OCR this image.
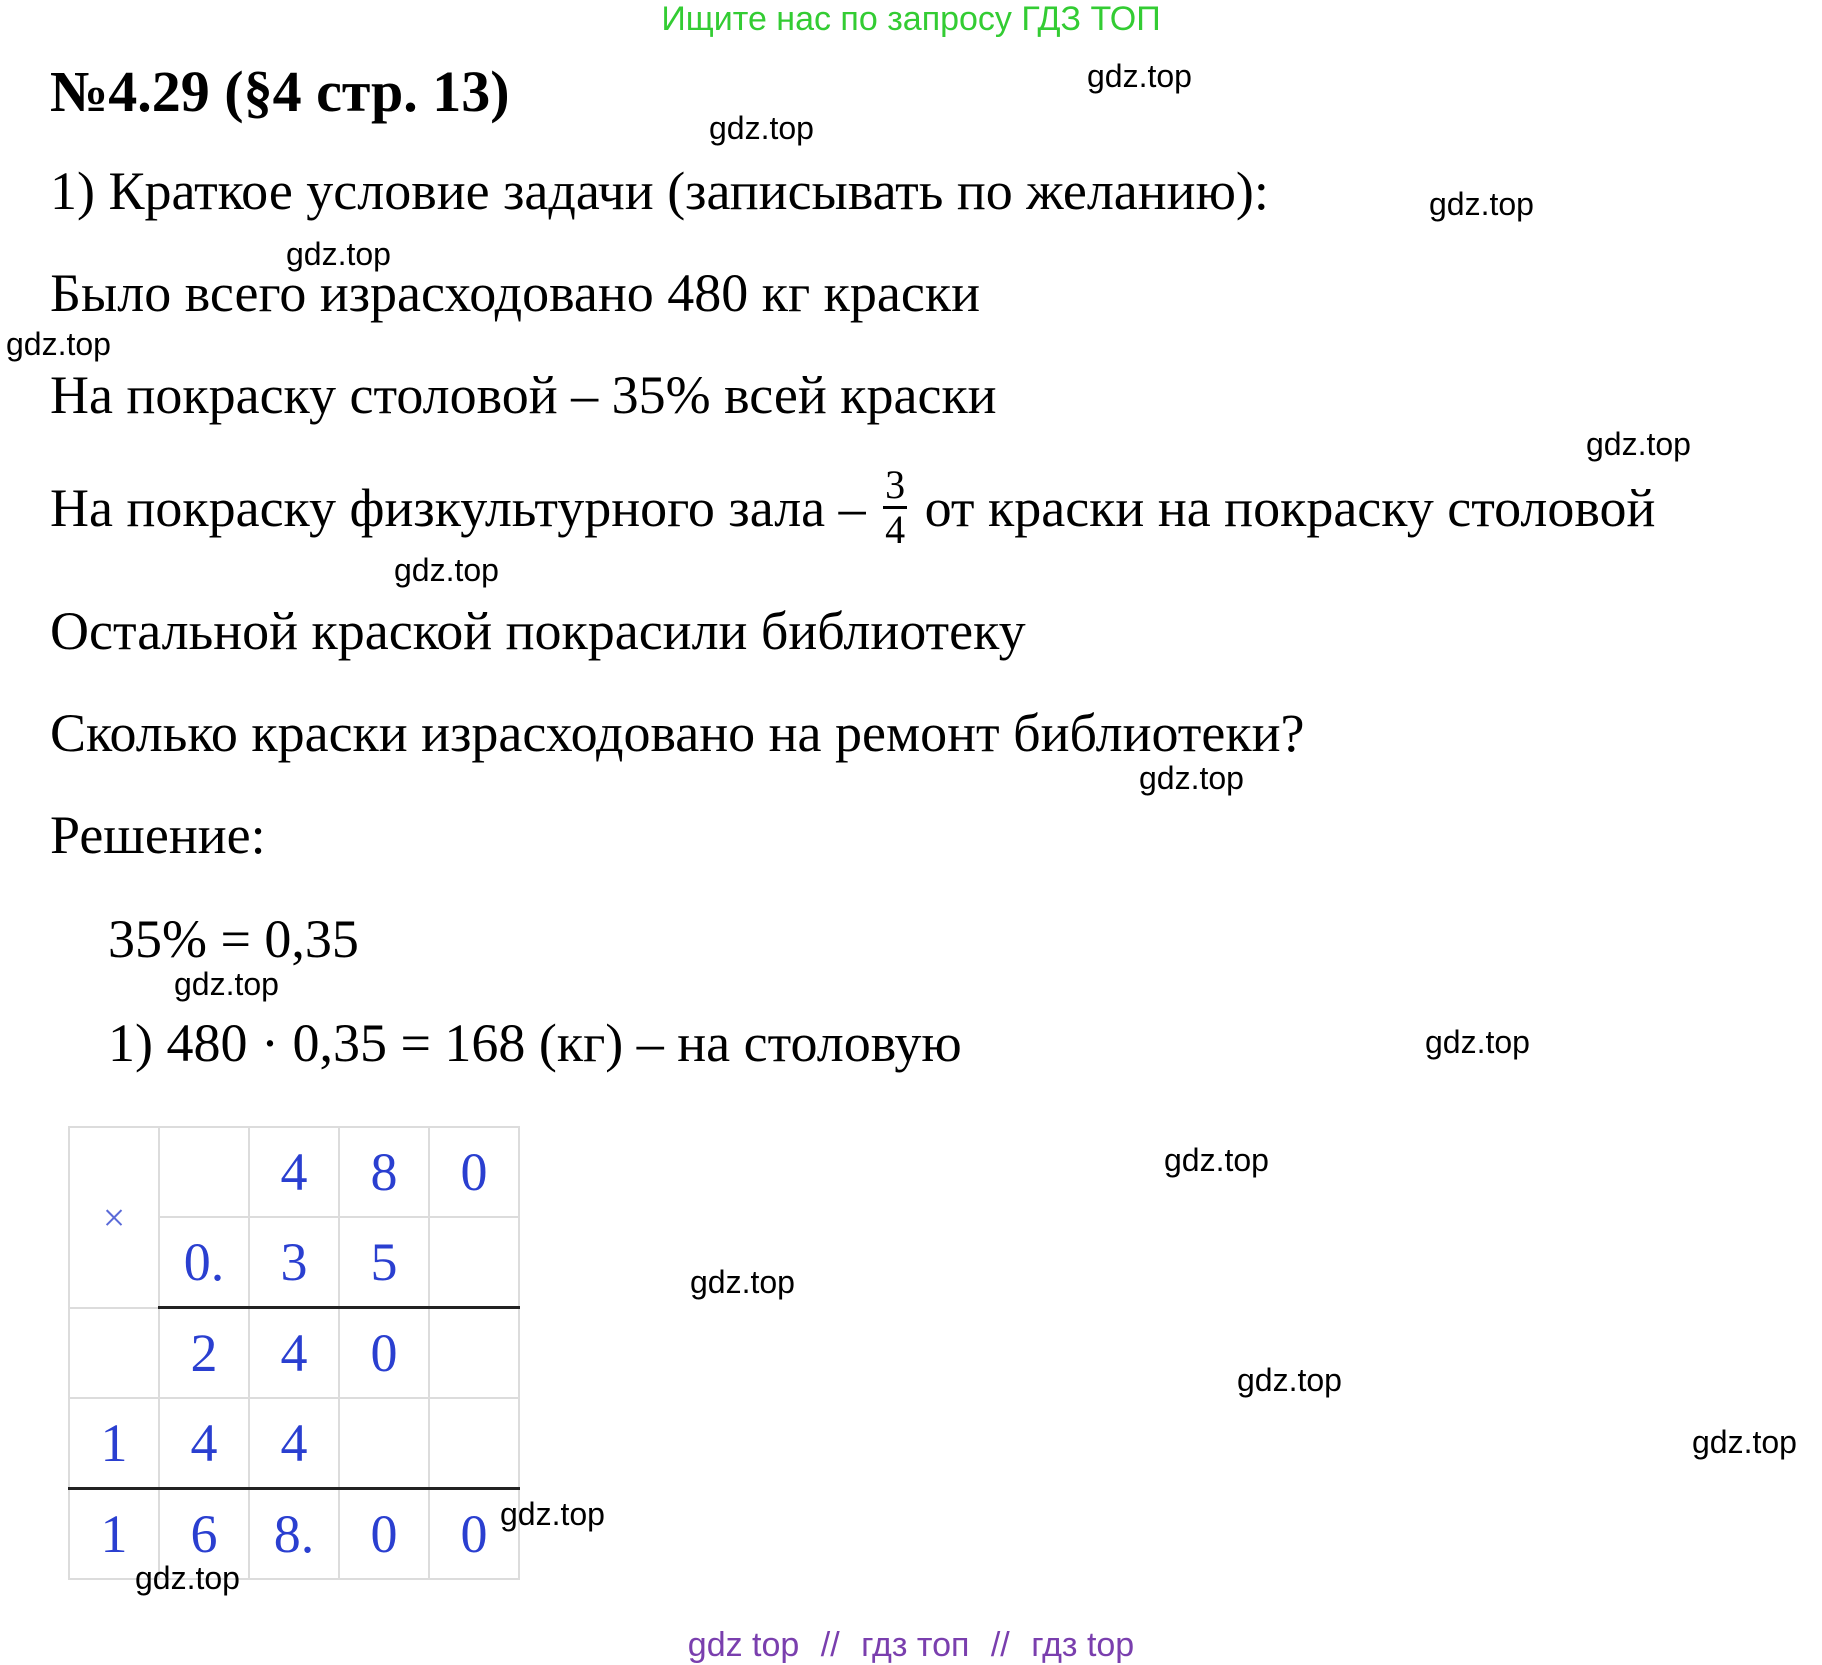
Ищите нас по запросу ГДЗ ТОП
№4.29 (§4 стр. 13)
1) Краткое условие задачи (записывать по желанию):
Было всего израсходовано 480 кг краски
На покраску столовой – 35% всей краски
На покраску физкультурного зала – $\frac{3}{4}$ от краски на покраску столовой
Остальной краской покрасили библиотеку
Сколько краски израсходовано на ремонт библиотеки?
Решение:
35% = 0,35
1) 480 · 0,35 = 168 (кг) – на столовую
×		4	8	0
	0.	3	5	
	2	4	0	
1	4	4		
1	6	8.	0	0
gdz.top
gdz.top
gdz.top
gdz.top
gdz.top
gdz.top
gdz.top
gdz.top
gdz.top
gdz.top
gdz.top
gdz.top
gdz.top
gdz.top
gdz.top
gdz.top
gdz top // гдз топ // гдз top
